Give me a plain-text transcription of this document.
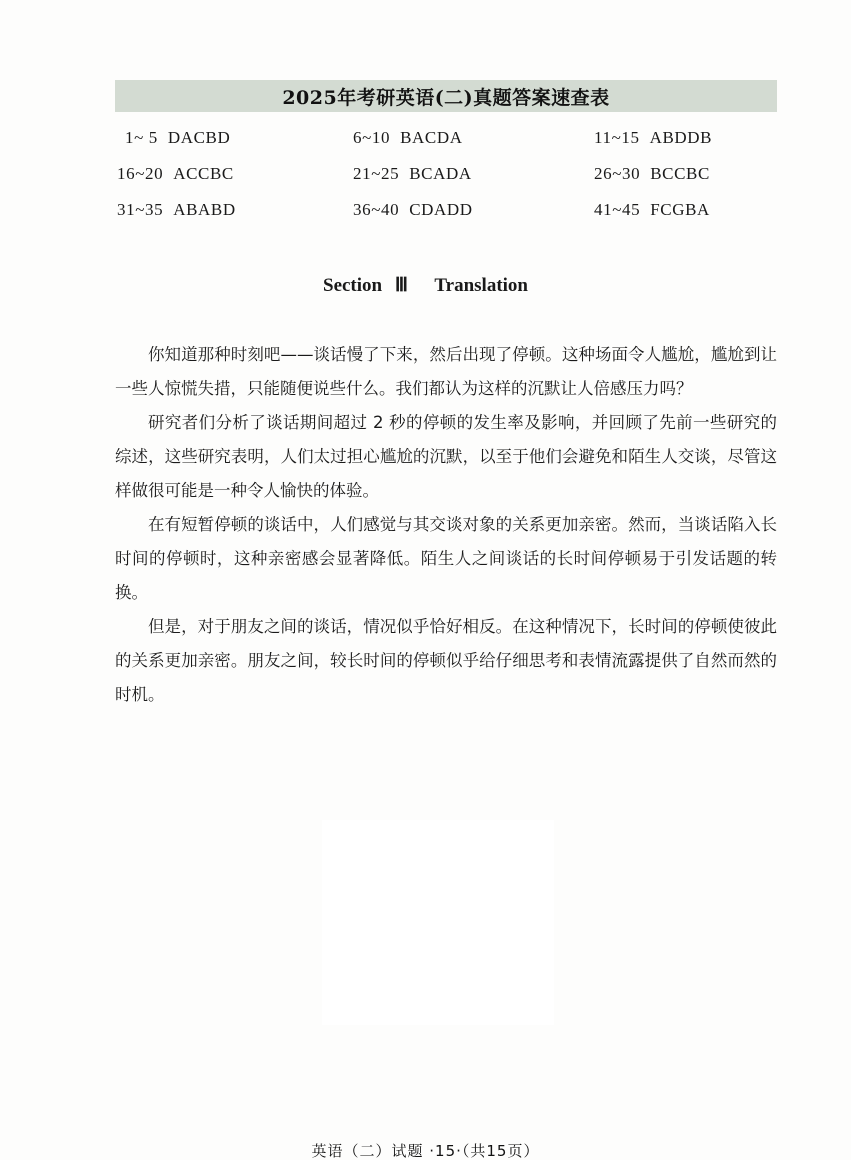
2025年考研英语(二)真题答案速查表
1~ 5 DACBD	6~10 BACDA	11~15 ABDDB
16~20 ACCBC	21~25 BCADA	26~30 BCCBC
31~35 ABABD	36~40 CDADD	41~45 FCGBA
Section Ⅲ Translation

你知道那种时刻吧——谈话慢了下来，然后出现了停顿。这种场面令人尴尬，尴尬到让一些人惊慌失措，只能随便说些什么。我们都认为这样的沉默让人倍感压力吗？

研究者们分析了谈话期间超过 2 秒的停顿的发生率及影响，并回顾了先前一些研究的综述，这些研究表明，人们太过担心尴尬的沉默，以至于他们会避免和陌生人交谈，尽管这样做很可能是一种令人愉快的体验。

在有短暂停顿的谈话中，人们感觉与其交谈对象的关系更加亲密。然而，当谈话陷入长时间的停顿时，这种亲密感会显著降低。陌生人之间谈话的长时间停顿易于引发话题的转换。

但是，对于朋友之间的谈话，情况似乎恰好相反。在这种情况下，长时间的停顿使彼此的关系更加亲密。朋友之间，较长时间的停顿似乎给仔细思考和表情流露提供了自然而然的时机。

英语（二）试题 ·15·（共15页）
